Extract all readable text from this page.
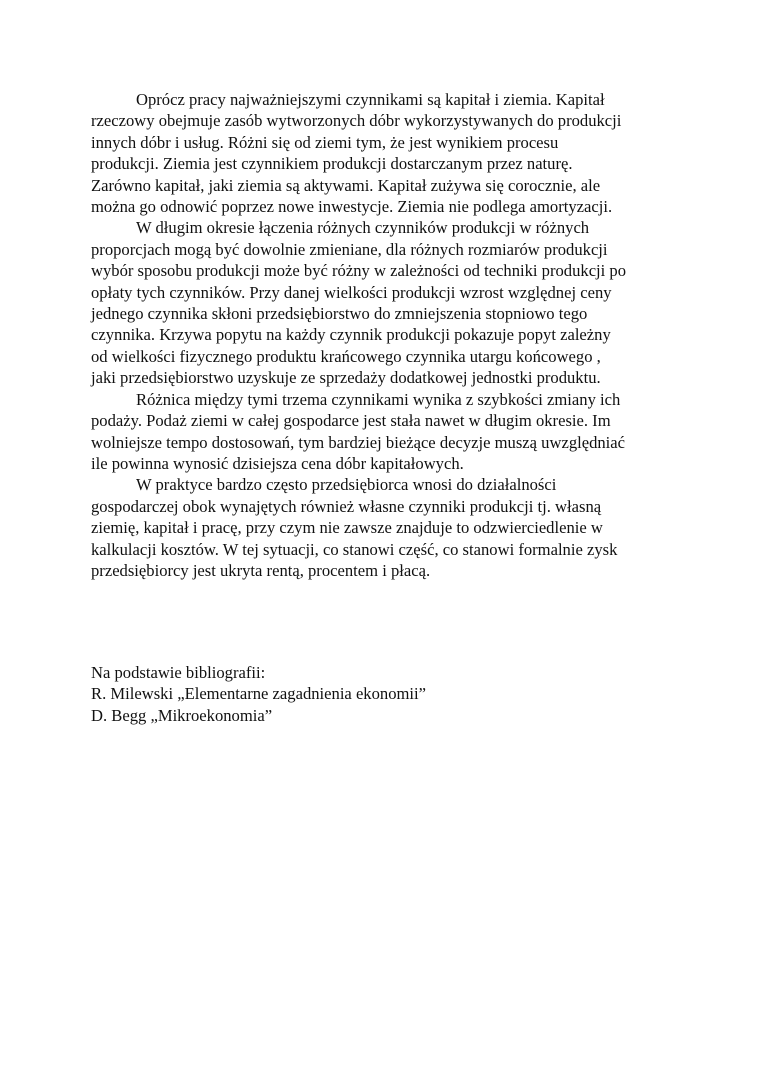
Oprócz pracy najważniejszymi czynnikami są kapitał i ziemia. Kapitał
rzeczowy obejmuje zasób wytworzonych dóbr wykorzystywanych do produkcji
innych dóbr i usług. Różni się od ziemi tym, że jest wynikiem procesu
produkcji. Ziemia jest czynnikiem produkcji dostarczanym przez naturę.
Zarówno kapitał, jaki ziemia są aktywami. Kapitał zużywa się corocznie, ale
można go odnowić poprzez nowe inwestycje. Ziemia nie podlega amortyzacji.
W długim okresie łączenia różnych czynników produkcji w różnych
proporcjach mogą być dowolnie zmieniane, dla różnych rozmiarów produkcji
wybór sposobu produkcji może być różny w zależności od techniki produkcji po
opłaty tych czynników. Przy danej wielkości produkcji wzrost względnej ceny
jednego czynnika skłoni przedsiębiorstwo do zmniejszenia stopniowo tego
czynnika. Krzywa popytu na każdy czynnik produkcji pokazuje popyt zależny
od wielkości fizycznego produktu krańcowego czynnika utargu końcowego ,
jaki przedsiębiorstwo uzyskuje ze sprzedaży dodatkowej jednostki produktu.
Różnica między tymi trzema czynnikami wynika z szybkości zmiany ich
podaży. Podaż ziemi w całej gospodarce jest stała nawet w długim okresie. Im
wolniejsze tempo dostosowań, tym bardziej bieżące decyzje muszą uwzględniać
ile powinna wynosić dzisiejsza cena dóbr kapitałowych.
W praktyce bardzo często przedsiębiorca wnosi do działalności
gospodarczej obok wynajętych również własne czynniki produkcji tj. własną
ziemię, kapitał i pracę, przy czym nie zawsze znajduje to odzwierciedlenie w
kalkulacji kosztów. W tej sytuacji, co stanowi część, co stanowi formalnie zysk
przedsiębiorcy jest ukryta rentą, procentem i płacą.
Na podstawie bibliografii:
R. Milewski „Elementarne zagadnienia ekonomii”
D. Begg „Mikroekonomia”
